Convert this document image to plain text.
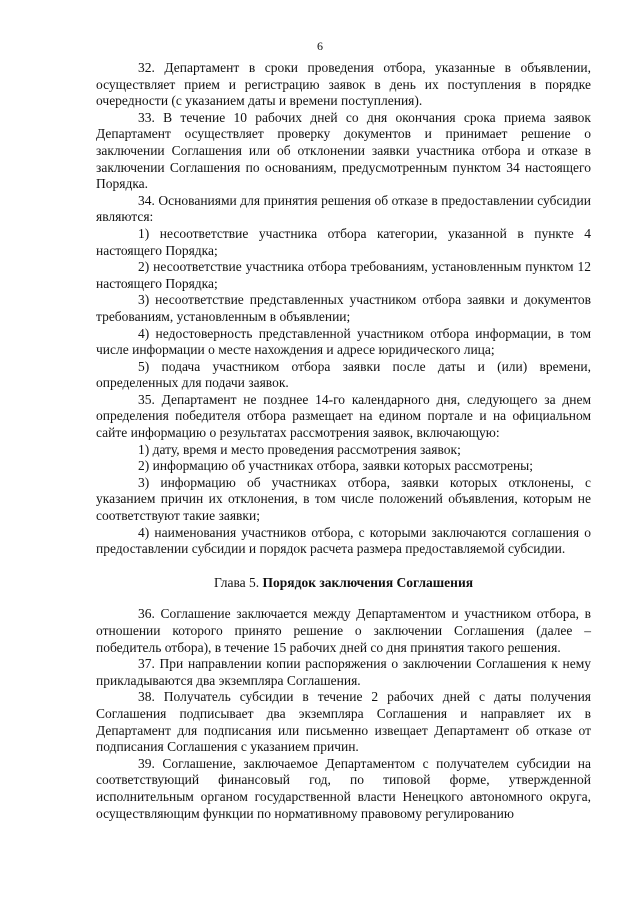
6

32. Департамент в сроки проведения отбора, указанные в объявлении, осуществляет прием и регистрацию заявок в день их поступления в порядке очередности (с указанием даты и времени поступления).

33. В течение 10 рабочих дней со дня окончания срока приема заявок Департамент осуществляет проверку документов и принимает решение о заключении Соглашения или об отклонении заявки участника отбора и отказе в заключении Соглашения по основаниям, предусмотренным пунктом 34 настоящего Порядка.

34. Основаниями для принятия решения об отказе в предоставлении субсидии являются:

1) несоответствие участника отбора категории, указанной в пункте 4 настоящего Порядка;

2) несоответствие участника отбора требованиям, установленным пунктом 12 настоящего Порядка;

3) несоответствие представленных участником отбора заявки и документов требованиям, установленным в объявлении;

4) недостоверность представленной участником отбора информации, в том числе информации о месте нахождения и адресе юридического лица;

5) подача участником отбора заявки после даты и (или) времени, определенных для подачи заявок.

35. Департамент не позднее 14-го календарного дня, следующего за днем определения победителя отбора размещает на едином портале и на официальном сайте информацию о результатах рассмотрения заявок, включающую:

1) дату, время и место проведения рассмотрения заявок;

2) информацию об участниках отбора, заявки которых рассмотрены;

3) информацию об участниках отбора, заявки которых отклонены, с указанием причин их отклонения, в том числе положений объявления, которым не соответствуют такие заявки;

4) наименования участников отбора, с которыми заключаются соглашения о предоставлении субсидии и порядок расчета размера предоставляемой субсидии.

Глава 5. Порядок заключения Соглашения

36. Соглашение заключается между Департаментом и участником отбора, в отношении которого принято решение о заключении Соглашения (далее – победитель отбора), в течение 15 рабочих дней со дня принятия такого решения.

37. При направлении копии распоряжения о заключении Соглашения к нему прикладываются два экземпляра Соглашения.

38. Получатель субсидии в течение 2 рабочих дней с даты получения Соглашения подписывает два экземпляра Соглашения и направляет их в Департамент для подписания или письменно извещает Департамент об отказе от подписания Соглашения с указанием причин.

39. Соглашение, заключаемое Департаментом с получателем субсидии на соответствующий финансовый год, по типовой форме, утвержденной исполнительным органом государственной власти Ненецкого автономного округа, осуществляющим функции по нормативному правовому регулированию
